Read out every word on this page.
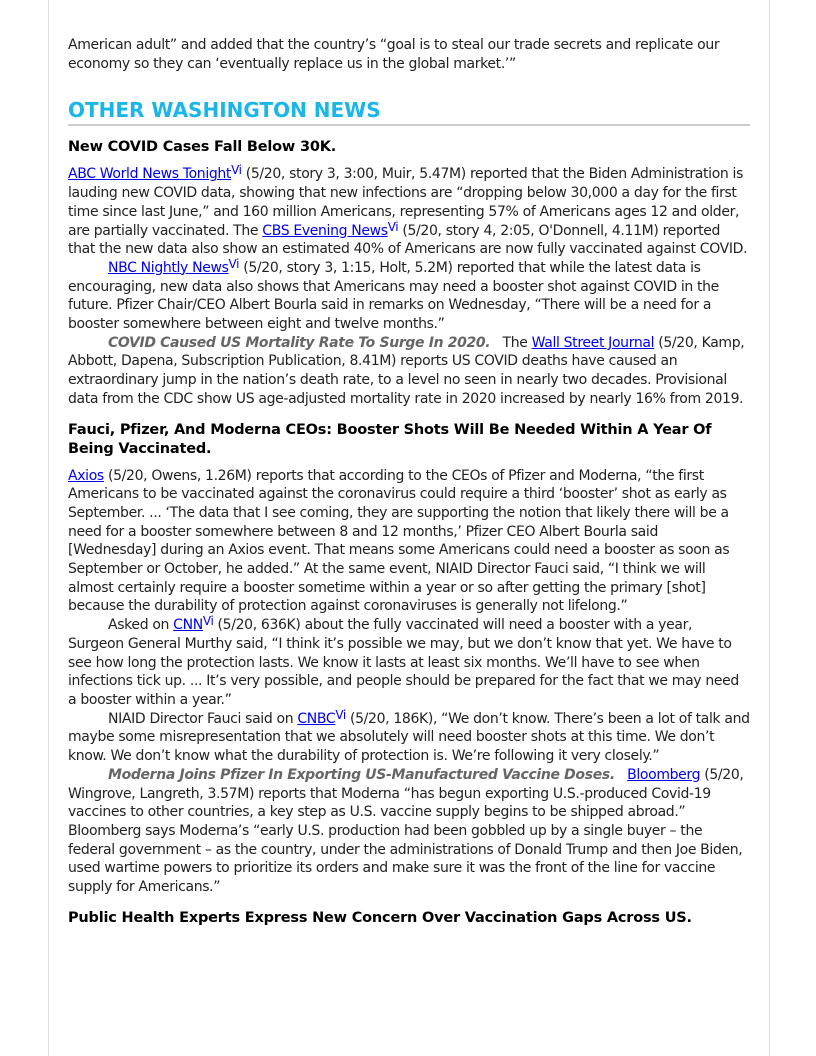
American adult” and added that the country’s “goal is to steal our trade secrets and replicate our economy so they can ‘eventually replace us in the global market.’”

OTHER WASHINGTON NEWS
New COVID Cases Fall Below 30K.

ABC World News Tonight$^{Vi}$ (5/20, story 3, 3:00, Muir, 5.47M) reported that the Biden Administration is lauding new COVID data, showing that new infections are “dropping below 30,000 a day for the first time since last June,” and 160 million Americans, representing 57% of Americans ages 12 and older, are partially vaccinated. The CBS Evening News$^{Vi}$ (5/20, story 4, 2:05, O'Donnell, 4.11M) reported that the new data also show an estimated 40% of Americans are now fully vaccinated against COVID.

NBC Nightly News$^{Vi}$ (5/20, story 3, 1:15, Holt, 5.2M) reported that while the latest data is encouraging, new data also shows that Americans may need a booster shot against COVID in the future. Pfizer Chair/CEO Albert Bourla said in remarks on Wednesday, “There will be a need for a booster somewhere between eight and twelve months.”

COVID Caused US Mortality Rate To Surge In 2020.   The Wall Street Journal (5/20, Kamp, Abbott, Dapena, Subscription Publication, 8.41M) reports US COVID deaths have caused an extraordinary jump in the nation’s death rate, to a level no seen in nearly two decades. Provisional data from the CDC show US age-adjusted mortality rate in 2020 increased by nearly 16% from 2019.

Fauci, Pfizer, And Moderna CEOs: Booster Shots Will Be Needed Within A Year Of Being Vaccinated.

Axios (5/20, Owens, 1.26M) reports that according to the CEOs of Pfizer and Moderna, “the first Americans to be vaccinated against the coronavirus could require a third ‘booster’ shot as early as September. ... ‘The data that I see coming, they are supporting the notion that likely there will be a need for a booster somewhere between 8 and 12 months,’ Pfizer CEO Albert Bourla said [Wednesday] during an Axios event. That means some Americans could need a booster as soon as September or October, he added.” At the same event, NIAID Director Fauci said, “I think we will almost certainly require a booster sometime within a year or so after getting the primary [shot] because the durability of protection against coronaviruses is generally not lifelong.”

Asked on $CNN^{Vi}$ (5/20, 636K) about the fully vaccinated will need a booster with a year, Surgeon General Murthy said, “I think it’s possible we may, but we don’t know that yet. We have to see how long the protection lasts. We know it lasts at least six months. We’ll have to see when infections tick up. ... It’s very possible, and people should be prepared for the fact that we may need a booster within a year.”

NIAID Director Fauci said on $CNBC^{Vi}$ (5/20, 186K), “We don’t know. There’s been a lot of talk and maybe some misrepresentation that we absolutely will need booster shots at this time. We don’t know. We don’t know what the durability of protection is. We’re following it very closely.”

Moderna Joins Pfizer In Exporting US-Manufactured Vaccine Doses. Bloomberg (5/20, Wingrove, Langreth, 3.57M) reports that Moderna “has begun exporting U.S.-produced Covid-19 vaccines to other countries, a key step as U.S. vaccine supply begins to be shipped abroad.” Bloomberg says Moderna’s “early U.S. production had been gobbled up by a single buyer – the federal government – as the country, under the administrations of Donald Trump and then Joe Biden, used wartime powers to prioritize its orders and make sure it was the front of the line for vaccine supply for Americans.”

Public Health Experts Express New Concern Over Vaccination Gaps Across US.
